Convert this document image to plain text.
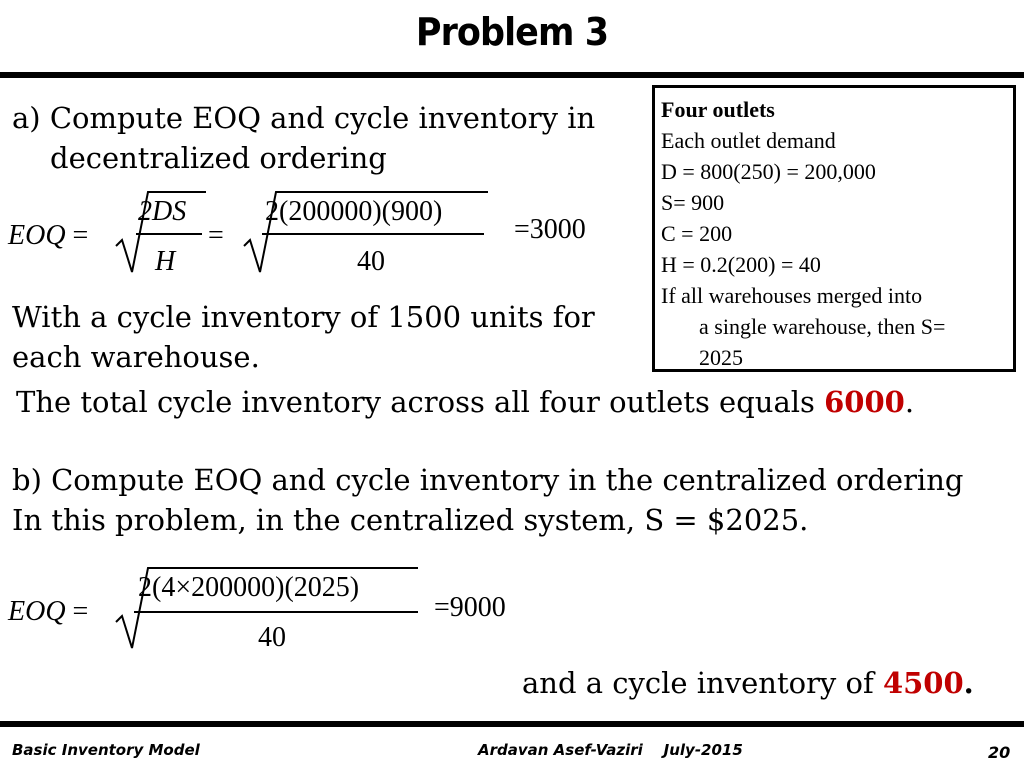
Problem 3
a) Compute EOQ and cycle inventory in
decentralized ordering
EOQ =
2DS
H
=
2(200000)(900)
40
=3000
With a cycle inventory of 1500 units for
each warehouse.
The total cycle inventory across all four outlets equals 6000.
Four outlets
Each outlet demand
D = 800(250) = 200,000
S= 900
C = 200
H = 0.2(200) = 40
If all warehouses merged into
a single warehouse, then S=
2025
b) Compute EOQ and cycle inventory in the centralized ordering
In this problem, in the centralized system, S = $2025.
EOQ =
2(4×200000)(2025)
40
=9000
and a cycle inventory of 4500.
Basic Inventory Model	Ardavan Asef-Vaziri    July-2015	20
